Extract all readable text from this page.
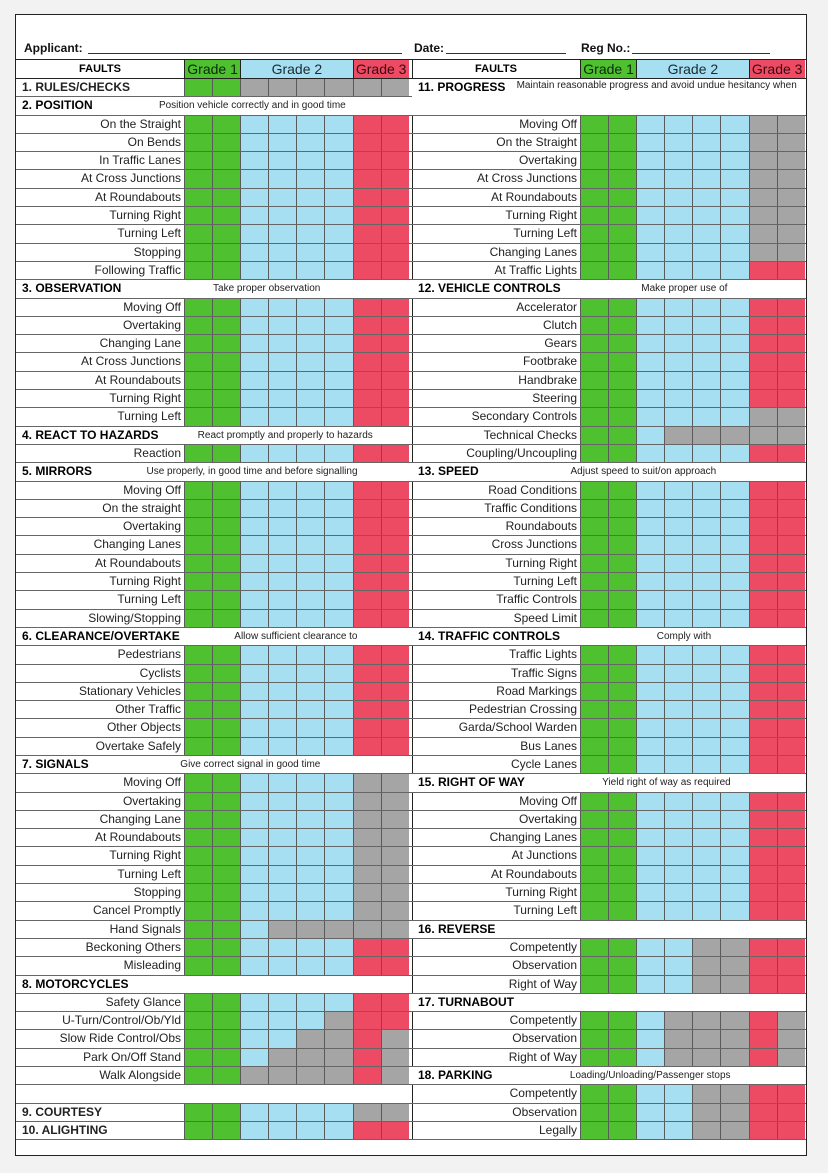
Applicant:	Date:	Reg No.:
FAULTS	Grade 1	Grade 2	Grade 3
1. RULES/CHECKS
2. POSITION	Position vehicle correctly and in good time
On the Straight
On Bends
In Traffic Lanes
At Cross Junctions
At Roundabouts
Turning Right
Turning Left
Stopping
Following Traffic
3. OBSERVATION	Take proper observation
Moving Off
Overtaking
Changing Lane
At Cross Junctions
At Roundabouts
Turning Right
Turning Left
4. REACT TO HAZARDS	React promptly and properly to hazards
Reaction
5. MIRRORS	Use properly, in good time and before signalling
Moving Off
On the straight
Overtaking
Changing Lanes
At Roundabouts
Turning Right
Turning Left
Slowing/Stopping
6. CLEARANCE/OVERTAKE	Allow sufficient clearance to
Pedestrians
Cyclists
Stationary Vehicles
Other Traffic
Other Objects
Overtake Safely
7. SIGNALS	Give correct signal in good time
Moving Off
Overtaking
Changing Lane
At Roundabouts
Turning Right
Turning Left
Stopping
Cancel Promptly
Hand Signals
Beckoning Others
Misleading
8. MOTORCYCLES
Safety Glance
U-Turn/Control/Ob/Yld
Slow Ride Control/Obs
Park On/Off Stand
Walk Alongside
9. COURTESY
10. ALIGHTING
FAULTS	Grade 1	Grade 2	Grade 3
11. PROGRESS	Maintain reasonable progress and avoid undue hesitancy when
Moving Off
On the Straight
Overtaking
At Cross Junctions
At Roundabouts
Turning Right
Turning Left
Changing Lanes
At Traffic Lights
12. VEHICLE CONTROLS	Make proper use of
Accelerator
Clutch
Gears
Footbrake
Handbrake
Steering
Secondary Controls
Technical Checks
Coupling/Uncoupling
13. SPEED	Adjust speed to suit/on approach
Road Conditions
Traffic Conditions
Roundabouts
Cross Junctions
Turning Right
Turning Left
Traffic Controls
Speed Limit
14. TRAFFIC CONTROLS	Comply with
Traffic Lights
Traffic Signs
Road Markings
Pedestrian Crossing
Garda/School Warden
Bus Lanes
Cycle Lanes
15. RIGHT OF WAY	Yield right of way as required
Moving Off
Overtaking
Changing Lanes
At Junctions
At Roundabouts
Turning Right
Turning Left
16. REVERSE
Competently
Observation
Right of Way
17. TURNABOUT
Competently
Observation
Right of Way
18. PARKING	Loading/Unloading/Passenger stops
Competently
Observation
Legally
